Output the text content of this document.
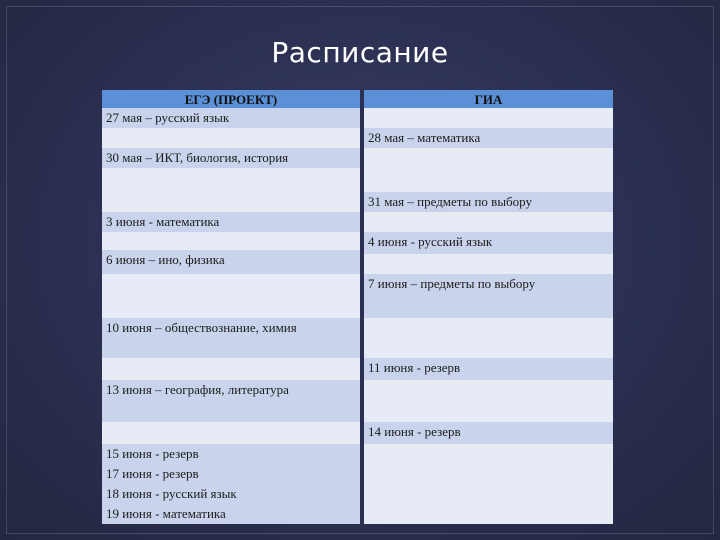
Расписание
ЕГЭ (ПРОЕКТ)
27 мая – русский язык
30 мая – ИКТ, биология, история
3 июня - математика
6 июня – ино, физика
10 июня – обществознание, химия
13 июня – география, литература
15 июня - резерв
17 июня - резерв
18 июня - русский язык
19 июня - математика
ГИА
28 мая – математика
31 мая – предметы по выбору
4 июня - русский язык
7 июня – предметы по выбору
11 июня - резерв
14 июня - резерв
